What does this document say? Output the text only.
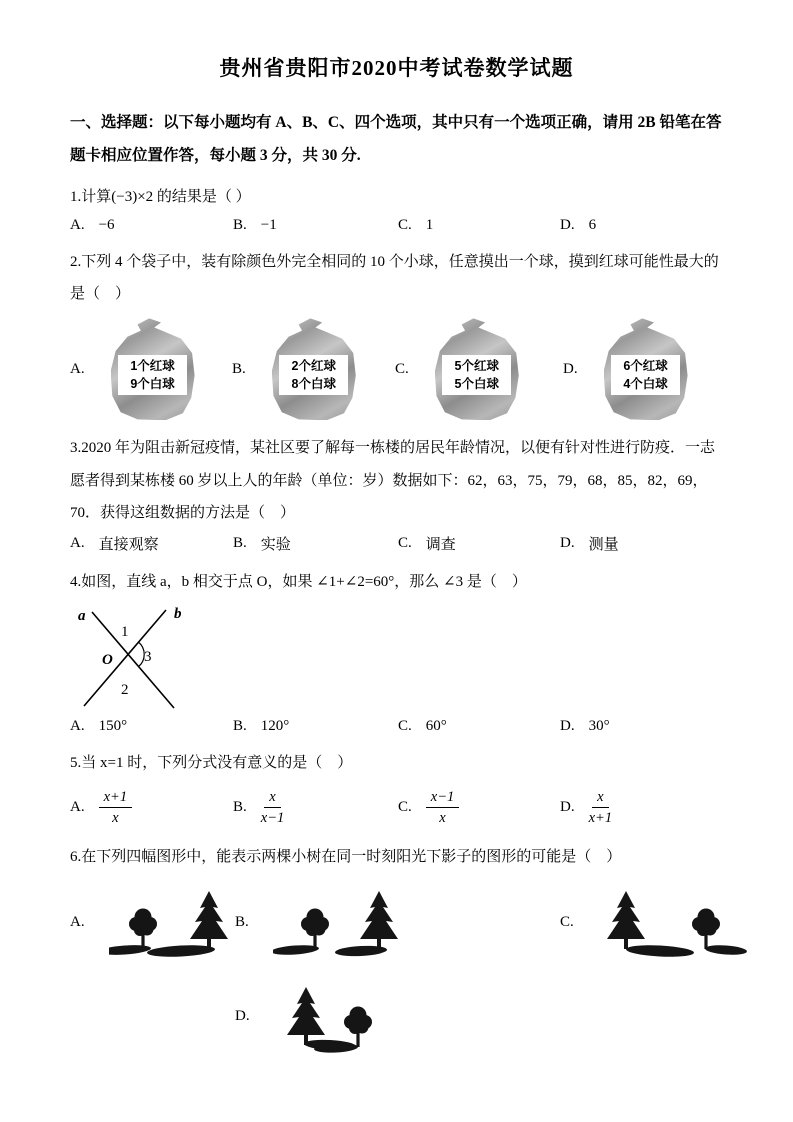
贵州省贵阳市2020中考试卷数学试题

一、选择题：以下每小题均有 A、B、C、四个选项，其中只有一个选项正确，请用 2B 铅笔在答题卡相应位置作答，每小题 3 分，共 30 分.

1.计算(−3)×2 的结果是（ ）

A. −6	B. −1	C. 1	D. 6

2.下列 4 个袋子中，装有除颜色外完全相同的 10 个小球，任意摸出一个球，摸到红球可能性最大的是（　）

A.	1个红球
9个白球
B.	2个红球
8个白球
C.	5个红球
5个白球
D.	6个红球
4个白球

3.2020 年为阻击新冠疫情，某社区要了解每一栋楼的居民年龄情况，以便有针对性进行防疫．一志愿者得到某栋楼 60 岁以上人的年龄（单位：岁）数据如下：62，63，75，79，68，85，82，69，70．获得这组数据的方法是（　）

A. 直接观察	B. 实验	C. 调查	D. 测量

4.如图，直线 a，b 相交于点 O，如果 ∠1+∠2=60°，那么 ∠3 是（　）

a	b
1
O 3
2
A. 150°	B. 120°	C. 60°	D. 30°

5.当 x=1 时，下列分式没有意义的是（　）

A. $\frac{x+1}{x}$	B. $\frac{x}{x-1}$	C. $\frac{x-1}{x}$	D. $\frac{x}{x+1}$

6.在下列四幅图形中，能表示两棵小树在同一时刻阳光下影子的图形的可能是（　）

A.	B.	C.
D.
